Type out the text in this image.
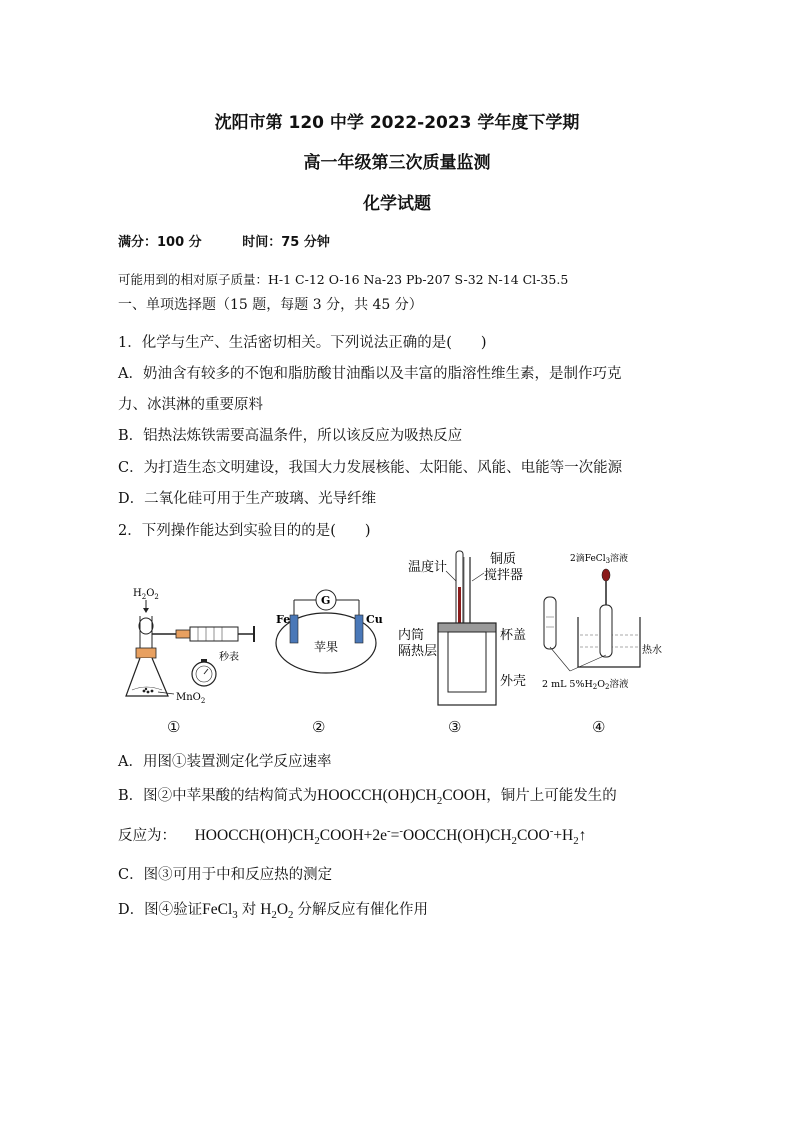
沈阳市第 120 中学 2022-2023 学年度下学期
高一年级第三次质量监测
化学试题
满分：100 分	时间：75 分钟
可能用到的相对原子质量：H-1 C-12 O-16 Na-23 Pb-207 S-32 N-14 Cl-35.5
一、单项选择题（15 题，每题 3 分，共 45 分）
1．化学与生产、生活密切相关。下列说法正确的是(　　)
A．奶油含有较多的不饱和脂肪酸甘油酯以及丰富的脂溶性维生素，是制作巧克
力、冰淇淋的重要原料
B．铝热法炼铁需要高温条件，所以该反应为吸热反应
C．为打造生态文明建设，我国大力发展核能、太阳能、风能、电能等一次能源
D．二氧化硅可用于生产玻璃、光导纤维
2．下列操作能达到实验目的的是(　　)
$H_2O_2$
MnO$_2$
秒表
①
G
Fe	Cu
苹果
②
温度计
铜质
搅拌器
内筒
隔热层
杯盖
外壳
③
2滴FeCl$_3$溶液
热水
2 mL $5\%H_2O_2$溶液
④
A．用图①装置测定化学反应速率
B．图②中苹果酸的结构简式为$HOOCCH(OH)CH_2COOH$，铜片上可能发生的
反应为： $HOOCCH(OH)CH_2COOH+2e^-=^-OOCCH(OH)CH_2COO^-+H_2↑$
C．图③可用于中和反应热的测定
D．图④验证FeCl$_3$ 对 $H_2O_2$ 分解反应有催化作用
